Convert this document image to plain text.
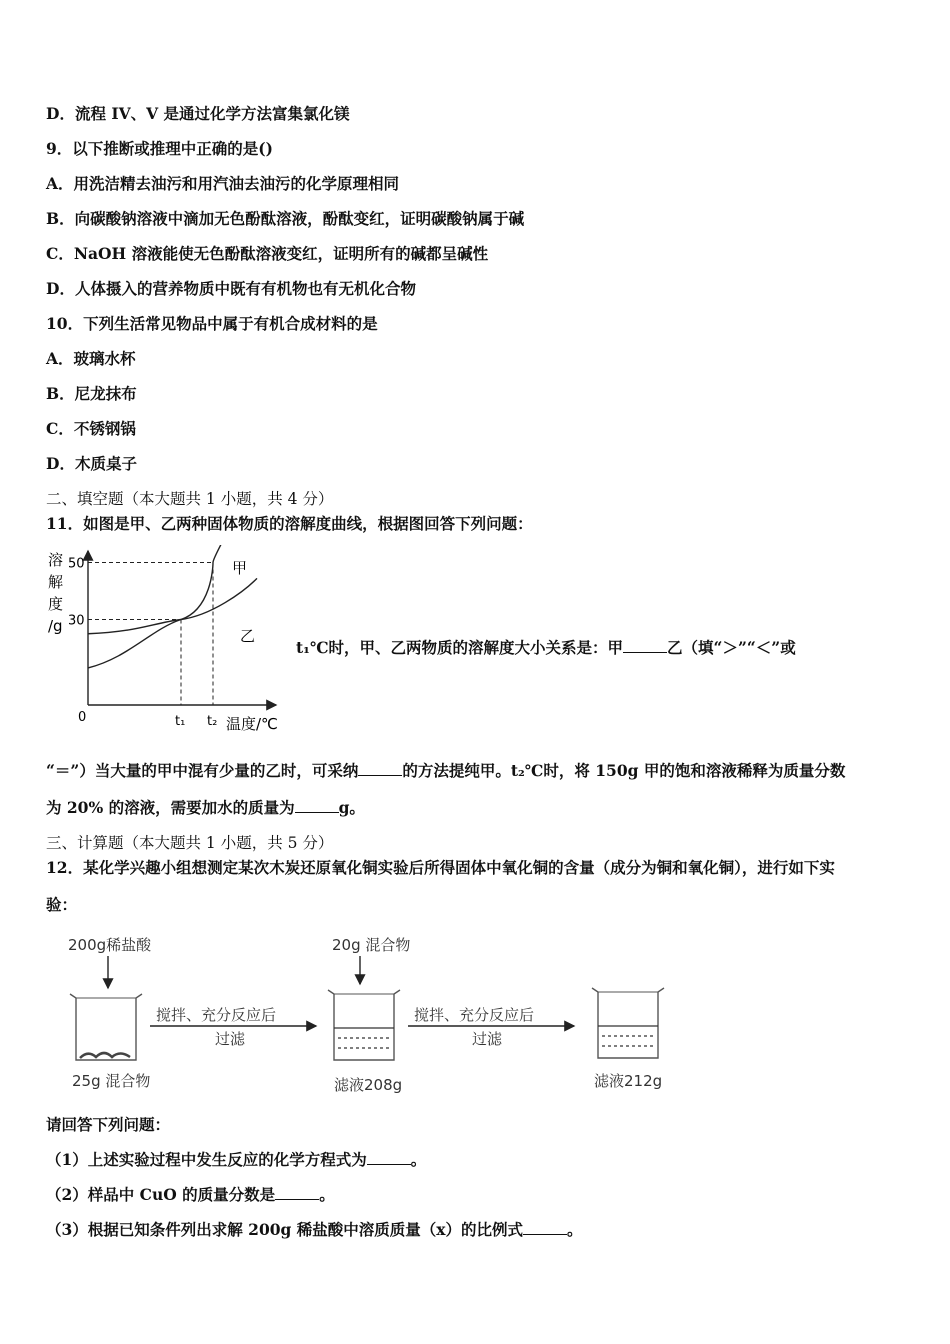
D．流程 IV、V 是通过化学方法富集氯化镁
9．以下推断或推理中正确的是()
A．用洗洁精去油污和用汽油去油污的化学原理相同
B．向碳酸钠溶液中滴加无色酚酞溶液，酚酞变红，证明碳酸钠属于碱
C．NaOH 溶液能使无色酚酞溶液变红，证明所有的碱都呈碱性
D．人体摄入的营养物质中既有有机物也有无机化合物
10．下列生活常见物品中属于有机合成材料的是
A．玻璃水杯
B．尼龙抹布
C．不锈钢锅
D．木质桌子
二、填空题（本大题共 1 小题，共 4 分）
11．如图是甲、乙两种固体物质的溶解度曲线，根据图回答下列问题：
溶
解
度
/g
0
30
50
t₁ t₂
甲
乙
温度/℃
t₁℃时，甲、乙两物质的溶解度大小关系是：甲	乙（填“＞”“＜”或
“＝”）当大量的甲中混有少量的乙时，可采纳	的方法提纯甲。t₂℃时，将 150g 甲的饱和溶液稀释为质量分数
为 20% 的溶液，需要加水的质量为	g。
三、计算题（本大题共 1 小题，共 5 分）
12．某化学兴趣小组想测定某次木炭还原氧化铜实验后所得固体中氧化铜的含量（成分为铜和氧化铜），进行如下实
验：
200g稀盐酸
25g 混合物
搅拌、充分反应后
过滤
20g 混合物
滤液208g
搅拌、充分反应后
过滤
滤液212g
请回答下列问题：
（1）上述实验过程中发生反应的化学方程式为	。
（2）样品中 CuO 的质量分数是	。
（3）根据已知条件列出求解 200g 稀盐酸中溶质质量（x）的比例式	。
